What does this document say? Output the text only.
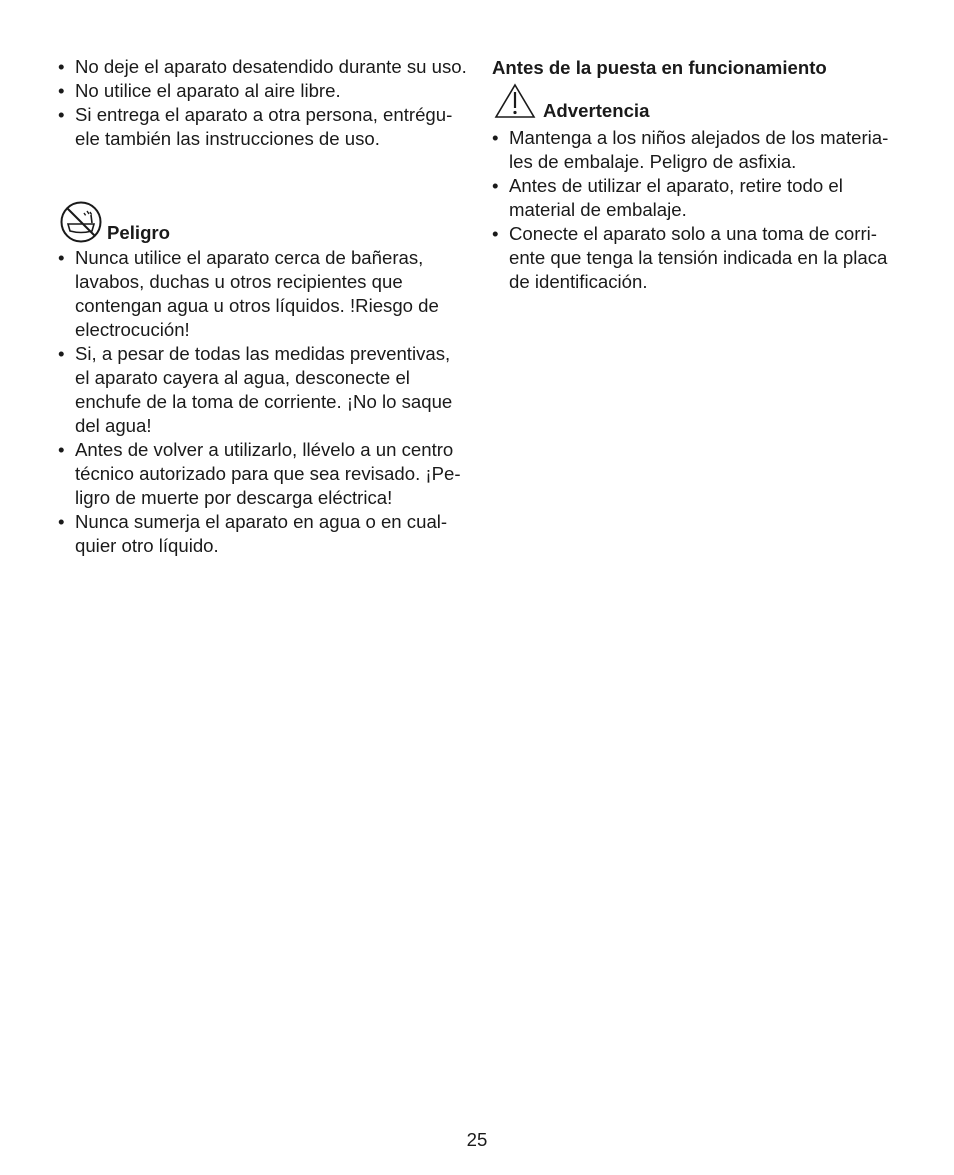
• No deje el aparato desatendido durante su uso.
• No utilice el aparato al aire libre.
• Si entrega el aparato a otra persona, entrégu- ele también las instrucciones de uso.
Peligro
• Nunca utilice el aparato cerca de bañeras, lavabos, duchas u otros recipientes que contengan agua u otros líquidos. !Riesgo de electrocución!
• Si, a pesar de todas las medidas preventivas, el aparato cayera al agua, desconecte el enchufe de la toma de corriente. ¡No lo saque del agua!
• Antes de volver a utilizarlo, llévelo a un centro técnico autorizado para que sea revisado. ¡Pe- ligro de muerte por descarga eléctrica!
• Nunca sumerja el aparato en agua o en cual- quier otro líquido.
Antes de la puesta en funcionamiento
Advertencia
• Mantenga a los niños alejados de los materia- les de embalaje. Peligro de asfixia.
• Antes de utilizar el aparato, retire todo el material de embalaje.
• Conecte el aparato solo a una toma de corri- ente que tenga la tensión indicada en la placa de identificación.
25
